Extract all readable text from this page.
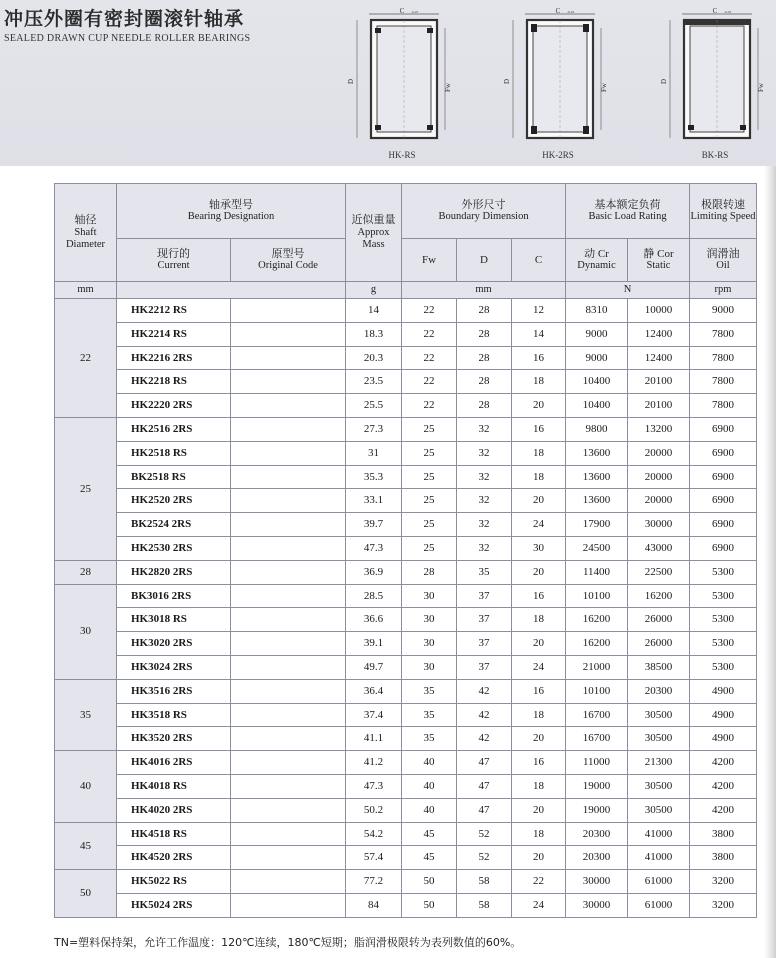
冲压外圈有密封圈滚针轴承
SEALED DRAWN CUP NEEDLE ROLLER BEARINGS
C -0.25
D
Fw
HK-RS
C -0.25
D
Fw
HK-2RS
C -0.25
D
Fw
BK-RS
轴径
Shaft Diameter	轴承型号
Bearing Designation		近似重量
Approx Mass	外形尺寸
Boundary Dimension			基本额定负荷
Basic Load Rating		极限转速
Limiting Speed

	现行的
Current	原型号
Original Code		Fw	D	C	动 Cr
Dynamic	静 Cor
Static	润滑油
Oil

mm			g	mm			N		rpm
22	HK2212 RS		14	22	28	12	8310	10000	9000
	HK2214 RS		18.3	22	28	14	9000	12400	7800
	HK2216 2RS		20.3	22	28	16	9000	12400	7800
	HK2218 RS		23.5	22	28	18	10400	20100	7800
	HK2220 2RS		25.5	22	28	20	10400	20100	7800
25	HK2516 2RS		27.3	25	32	16	9800	13200	6900
	HK2518 RS		31	25	32	18	13600	20000	6900
	BK2518 RS		35.3	25	32	18	13600	20000	6900
	HK2520 2RS		33.1	25	32	20	13600	20000	6900
	BK2524 2RS		39.7	25	32	24	17900	30000	6900
	HK2530 2RS		47.3	25	32	30	24500	43000	6900
28	HK2820 2RS		36.9	28	35	20	11400	22500	5300
30	BK3016 2RS		28.5	30	37	16	10100	16200	5300
	HK3018 RS		36.6	30	37	18	16200	26000	5300
	HK3020 2RS		39.1	30	37	20	16200	26000	5300
	HK3024 2RS		49.7	30	37	24	21000	38500	5300
35	HK3516 2RS		36.4	35	42	16	10100	20300	4900
	HK3518 RS		37.4	35	42	18	16700	30500	4900
	HK3520 2RS		41.1	35	42	20	16700	30500	4900
40	HK4016 2RS		41.2	40	47	16	11000	21300	4200
	HK4018 RS		47.3	40	47	18	19000	30500	4200
	HK4020 2RS		50.2	40	47	20	19000	30500	4200
45	HK4518 RS		54.2	45	52	18	20300	41000	3800
	HK4520 2RS		57.4	45	52	20	20300	41000	3800
50	HK5022 RS		77.2	50	58	22	30000	61000	3200
	HK5024 2RS		84	50	58	24	30000	61000	3200
TN=塑料保持架，允许工作温度：120℃连续，180℃短期；脂润滑极限转为表列数值的60%。
